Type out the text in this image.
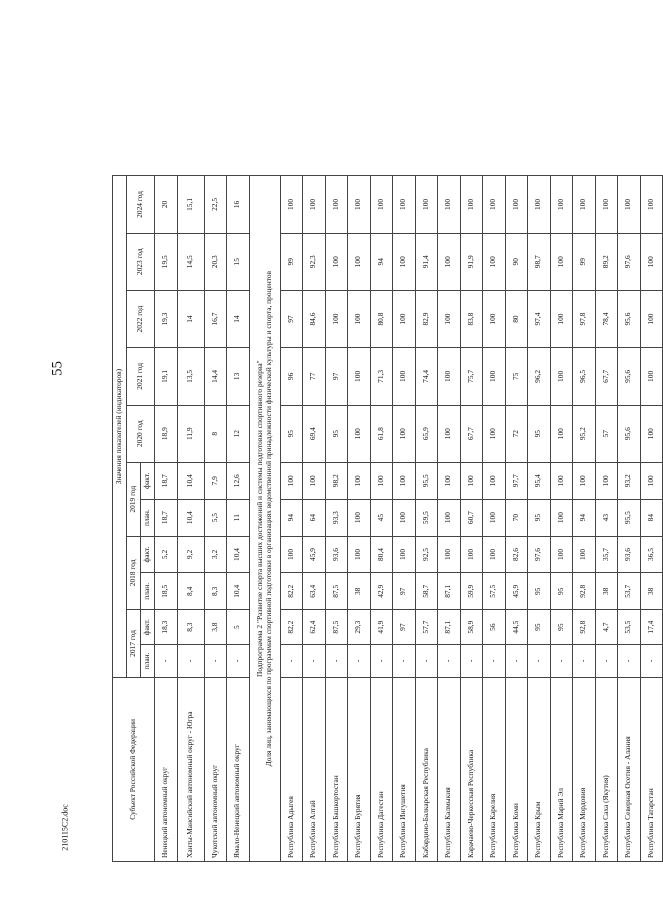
55
Субъект Российской Федерации	Значения показателей (индикаторов)											
	2017 год		2018 год		2019 год		2020 год	2021 год	2022 год	2023 год	2024 год	
	план.	факт.	план.	факт.	план.	факт.						
Ненецкий автономный округ	-	18,3	18,5	5,2	18,7	18,7	18,9	19,1	19,3	19,5	20	
Ханты-Мансийский автономный округ - Югра	-	8,3	8,4	9,2	10,4	10,4	11,9	13,5	14	14,5	15,1	
Чукотский автономный округ	-	3,8	8,3	3,2	5,5	7,9	8	14,4	16,7	20,3	22,5	
Ямало-Ненецкий автономный округ	-	5	10,4	10,4	11	12,6	12	13	14	15	16	

Подпрограмма 2 "Развитие спорта высших достижений и системы подготовки спортивного резерва" Доля лиц, занимающихся по программам спортивной подготовки в организациях ведомственной принадлежности физической культуры и спорта, процентов												

Республика Адыгея	-	82,2	82,2	100	94	100	95	96	97	99	100	
Республика Алтай	-	62,4	63,4	45,9	64	100	69,4	77	84,6	92,3	100	
Республика Башкортостан	-	87,5	87,5	93,6	93,3	98,2	95	97	100	100	100	
Республика Бурятия	-	29,3	38	100	100	100	100	100	100	100	100	
Республика Дагестан	-	41,9	42,9	80,4	45	100	61,8	71,3	80,8	94	100	
Республика Ингушетия	-	97	97	100	100	100	100	100	100	100	100	
Кабардино-Балкарская Республика	-	57,7	58,7	92,5	59,5	95,5	65,9	74,4	82,9	91,4	100	
Республика Калмыкия	-	87,1	87,1	100	100	100	100	100	100	100	100	
Карачаево-Черкесская Республика	-	58,9	59,9	100	60,7	100	67,7	75,7	83,8	91,9	100	
Республика Карелия	-	56	57,5	100	100	100	100	100	100	100	100	
Республика Коми	-	44,5	45,9	82,6	70	97,7	72	75	80	90	100	
Республика Крым	-	95	95	97,6	95	95,4	95	96,2	97,4	98,7	100	
Республика Марий Эл	-	95	95	100	100	100	100	100	100	100	100	
Республика Мордовия	-	92,8	92,8	100	94	100	95,2	96,5	97,8	99	100	
Республика Саха (Якутия)	-	4,7	38	35,7	43	100	57	67,7	78,4	89,2	100	
Республика Северная Осетия - Алания	-	53,5	53,7	93,6	95,5	93,2	95,6	95,6	95,6	97,6	100	
Республика Татарстан	-	17,4	38	36,5	84	100	100	100	100	100	100	
210115C2.doc
